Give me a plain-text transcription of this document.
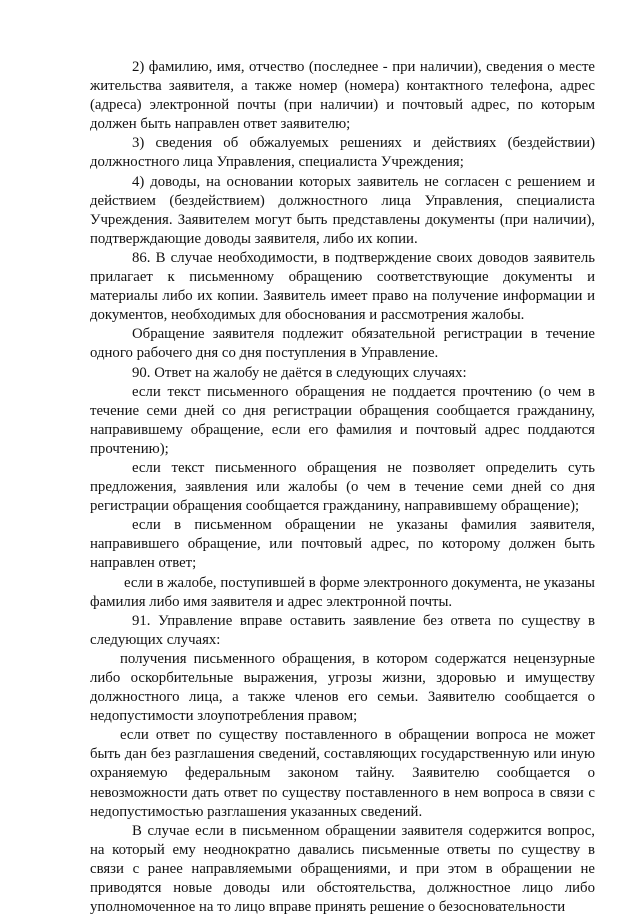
2) фамилию, имя, отчество (последнее - при наличии), сведения о месте жительства заявителя, а также номер (номера) контактного телефона, адрес (адреса) электронной почты (при наличии) и почтовый адрес, по которым должен быть направлен ответ заявителю;

3) сведения об обжалуемых решениях и действиях (бездействии) должностного лица Управления, специалиста Учреждения;

4) доводы, на основании которых заявитель не согласен с решением и действием (бездействием) должностного лица Управления, специалиста Учреждения. Заявителем могут быть представлены документы (при наличии), подтверждающие доводы заявителя, либо их копии.

86. В случае необходимости, в подтверждение своих доводов заявитель прилагает к письменному обращению соответствующие документы и материалы либо их копии. Заявитель имеет право на получение информации и документов, необходимых для обоснования и рассмотрения жалобы.

Обращение заявителя подлежит обязательной регистрации в течение одного рабочего дня со дня поступления в Управление.

90. Ответ на жалобу не даётся в следующих случаях:

если текст письменного обращения не поддается прочтению (о чем в течение семи дней со дня регистрации обращения сообщается гражданину, направившему обращение, если его фамилия и почтовый адрес поддаются прочтению);

если текст письменного обращения не позволяет определить суть предложения, заявления или жалобы (о чем в течение семи дней со дня регистрации обращения сообщается гражданину, направившему обращение);

если в письменном обращении не указаны фамилия заявителя, направившего обращение, или почтовый адрес, по которому должен быть направлен ответ;

если в жалобе, поступившей в форме электронного документа, не указаны фамилия либо имя заявителя и адрес электронной почты.

91. Управление вправе оставить заявление без ответа по существу в следующих случаях:

получения письменного обращения, в котором содержатся нецензурные либо оскорбительные выражения, угрозы жизни, здоровью и имуществу должностного лица, а также членов его семьи. Заявителю сообщается о недопустимости злоупотребления правом;

если ответ по существу поставленного в обращении вопроса не может быть дан без разглашения сведений, составляющих государственную или иную охраняемую федеральным законом тайну. Заявителю сообщается о невозможности дать ответ по существу поставленного в нем вопроса в связи с недопустимостью разглашения указанных сведений.

В случае если в письменном обращении заявителя содержится вопрос, на который ему неоднократно давались письменные ответы по существу в связи с ранее направляемыми обращениями, и при этом в обращении не приводятся новые доводы или обстоятельства, должностное лицо либо уполномоченное на то лицо вправе принять решение о безосновательности
